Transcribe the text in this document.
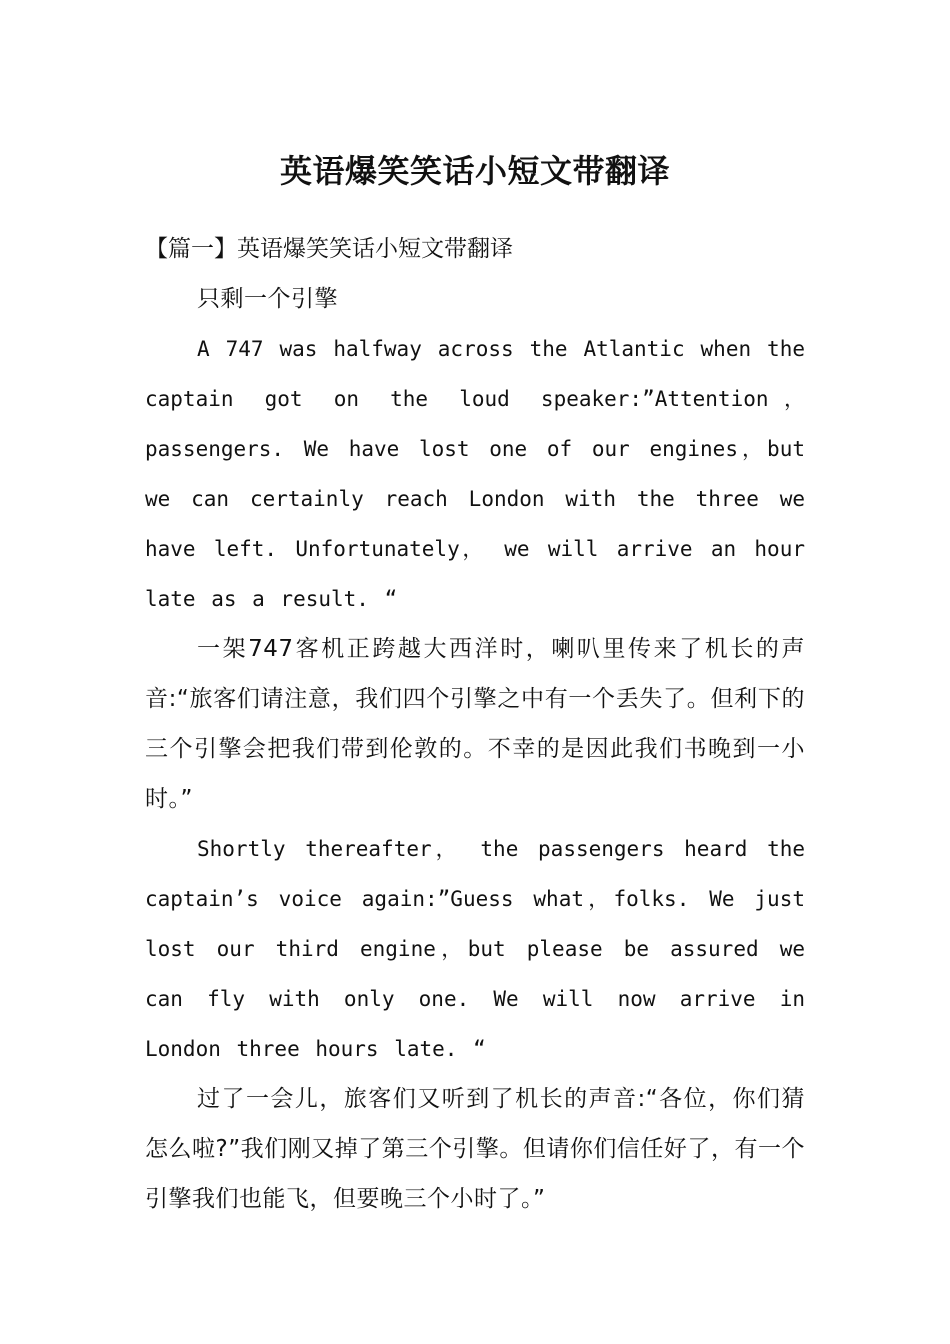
英语爆笑笑话小短文带翻译

【篇一】英语爆笑笑话小短文带翻译

只剩一个引擎

A 747 was halfway across the Atlantic when the captain got on the loud speaker:”Attention， passengers. We have lost one of our engines，but we can certainly reach London with the three we have left. Unfortunately， we will arrive an hour late as a result. “

一架747客机正跨越大西洋时，喇叭里传来了机长的声音:“旅客们请注意，我们四个引擎之中有一个丢失了。但利下的三个引擎会把我们带到伦敦的。不幸的是因此我们书晚到一小时。”

Shortly thereafter， the passengers heard the captain’s voice again:”Guess what，folks. We just lost our third engine，but please be assured we can fly with only one. We will now arrive in London three hours late. “

过了一会儿，旅客们又听到了机长的声音:“各位，你们猜怎么啦?”我们刚又掉了第三个引擎。但请你们信任好了，有一个引擎我们也能飞，但要晚三个小时了。”
